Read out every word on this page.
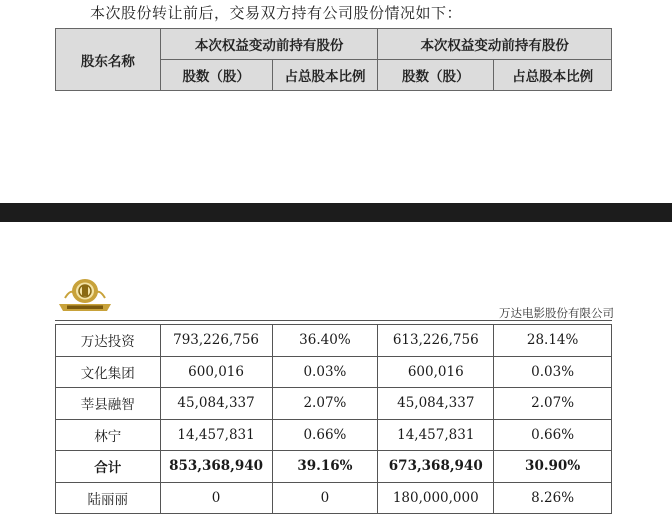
本次股份转让前后，交易双方持有公司股份情况如下：
股东名称	本次权益变动前持有股份		本次权益变动前持有股份	
	股数（股）	占总股本比例	股数（股）	占总股本比例
万达电影股份有限公司
万达投资	793,226,756	36.40%	613,226,756	28.14%
文化集团	600,016	0.03%	600,016	0.03%
莘县融智	45,084,337	2.07%	45,084,337	2.07%
林宁	14,457,831	0.66%	14,457,831	0.66%
合计	853,368,940	39.16%	673,368,940	30.90%
陆丽丽	0	0	180,000,000	8.26%
